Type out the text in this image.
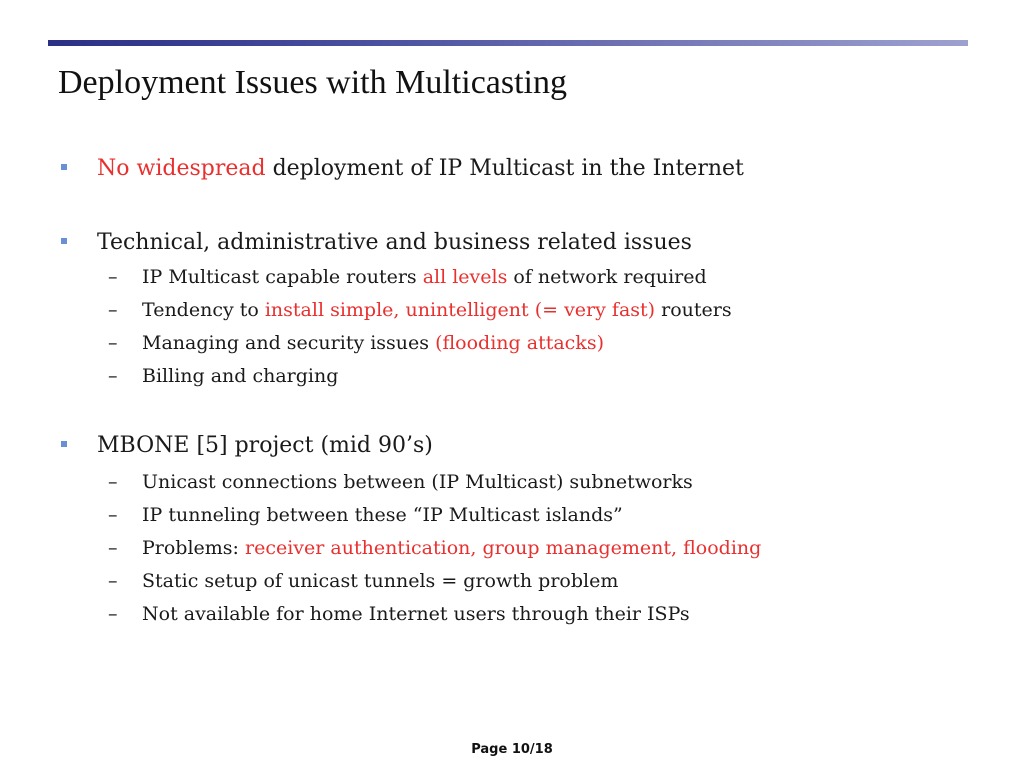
Deployment Issues with Multicasting
No widespread deployment of IP Multicast in the Internet
Technical, administrative and business related issues
– IP Multicast capable routers all levels of network required
– Tendency to install simple, unintelligent (= very fast) routers
– Managing and security issues (flooding attacks)
– Billing and charging
MBONE [5] project (mid 90’s)
– Unicast connections between (IP Multicast) subnetworks
– IP tunneling between these “IP Multicast islands”
– Problems: receiver authentication, group management, flooding
– Static setup of unicast tunnels = growth problem
– Not available for home Internet users through their ISPs
Page 10/18
